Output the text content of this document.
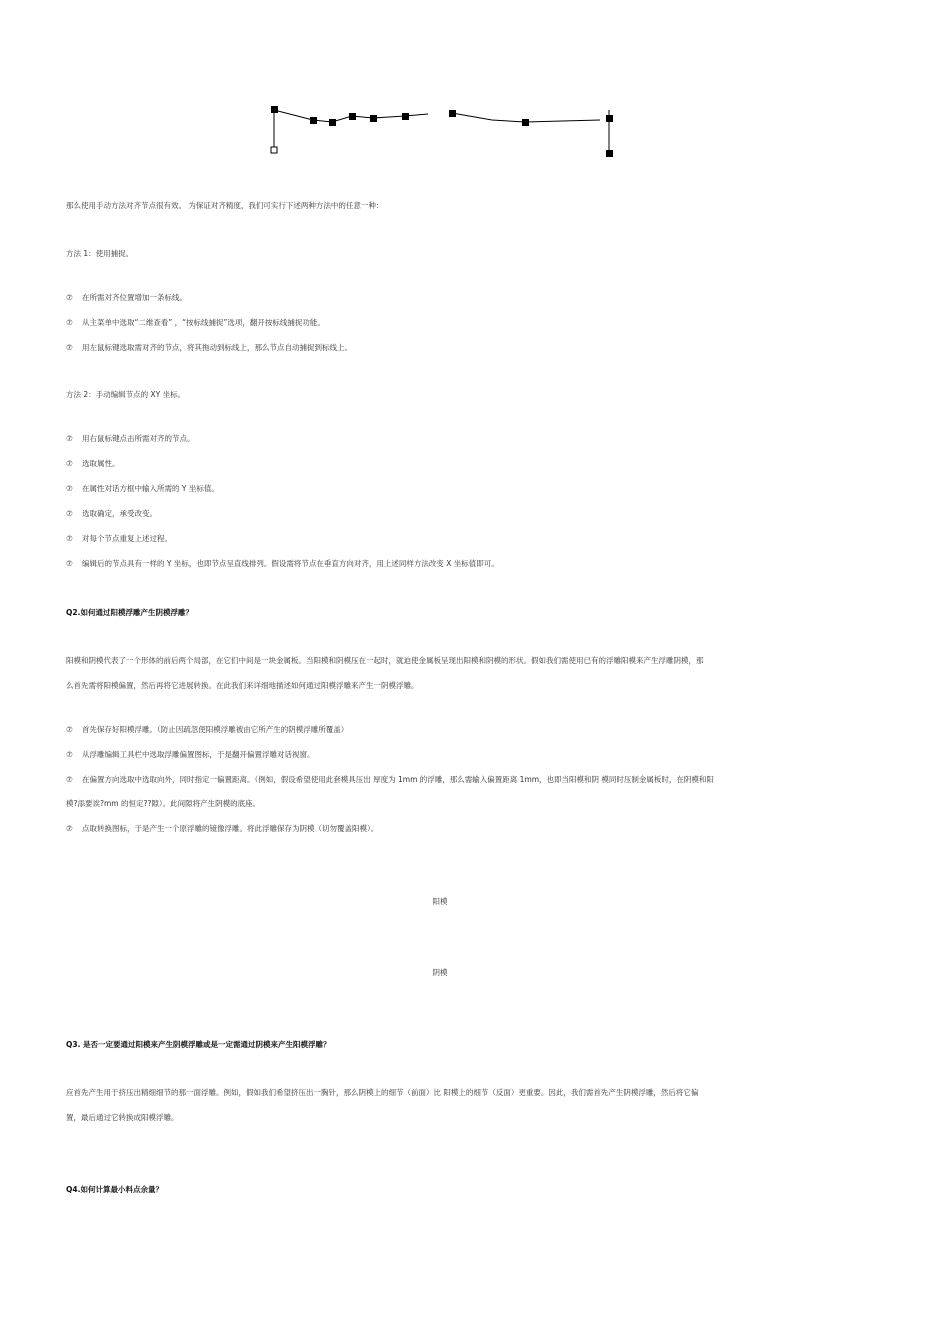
那么使用手动方法对齐节点很有效。 为保证对齐精度，我们可实行下述两种方法中的任意一种：
方法 1：使用捕捉。
⑦ 在所需对齐位置增加一条标线。
⑦ 从主菜单中选取“二维查看” ，“按标线捕捉”选项，翻开按标线捕捉功能。
⑦ 用左鼠标键选取需对齐的节点，将其拖动到标线上，那么节点自动捕捉到标线上。
方法 2：手动编辑节点的 XY 坐标。
⑦ 用右鼠标键点击所需对齐的节点。
⑦ 选取属性。
⑦ 在属性对话方框中输入所需的 Y 坐标值。
⑦ 选取确定，承受改变。
⑦ 对每个节点重复上述过程。
⑦ 编辑后的节点具有一样的 Y 坐标，也即节点呈直线排列。假设需将节点在垂直方向对齐，用上述同样方法改变 X 坐标值即可。
Q2.如何通过阳模浮雕产生阴模浮雕？
阳模和阴模代表了一个形体的前后两个局部，在它们中间是一块金属板。当阳模和阴模压在一起时，就迫使金属板呈现出阳模和阴模的形状。假如我们需使用已有的浮雕阳模来产生浮雕阴模，那
么首先需将阳模偏置，然后再将它进展转换。在此我们来详细地描述如何通过阳模浮雕来产生一阴模浮雕。
⑦ 首先保存好阳模浮雕。（防止因疏忽使阳模浮雕被由它所产生的阴模浮雕所覆盖）
⑦ 从浮雕编辑工具栏中选取浮雕偏置图标，于是翻开偏置浮雕对话视窗。
⑦ 在偏置方向选取中选取向外，同时指定一偏置距离。（例如，假设希望使用此套模具压出 厚度为 1mm 的浮雕，那么需输入偏置距离 1mm，也即当阳模和阴 模同时压制金属板时，在阴模和阳
模?添要诶?mm 的恒定??隙）。此间隙将产生阴模的底座。
⑦ 点取转换图标，于是产生一个原浮雕的镜像浮雕。将此浮雕保存为阴模（切勿覆盖阳模）。
阳模
阴模
Q3. 是否一定要通过阳模来产生阴模浮雕或是一定需通过阴模来产生阳模浮雕？
应首先产生用于挤压出精细细节的那一面浮雕。例如，假如我们希望挤压出一胸针，那么阴模上的细节（前面）比 阳模上的细节（反面）更重要。因此，我们需首先产生阴模浮雕，然后将它偏
置，最后通过它转换成阳模浮雕。
Q4.如何计算最小料点余量？
